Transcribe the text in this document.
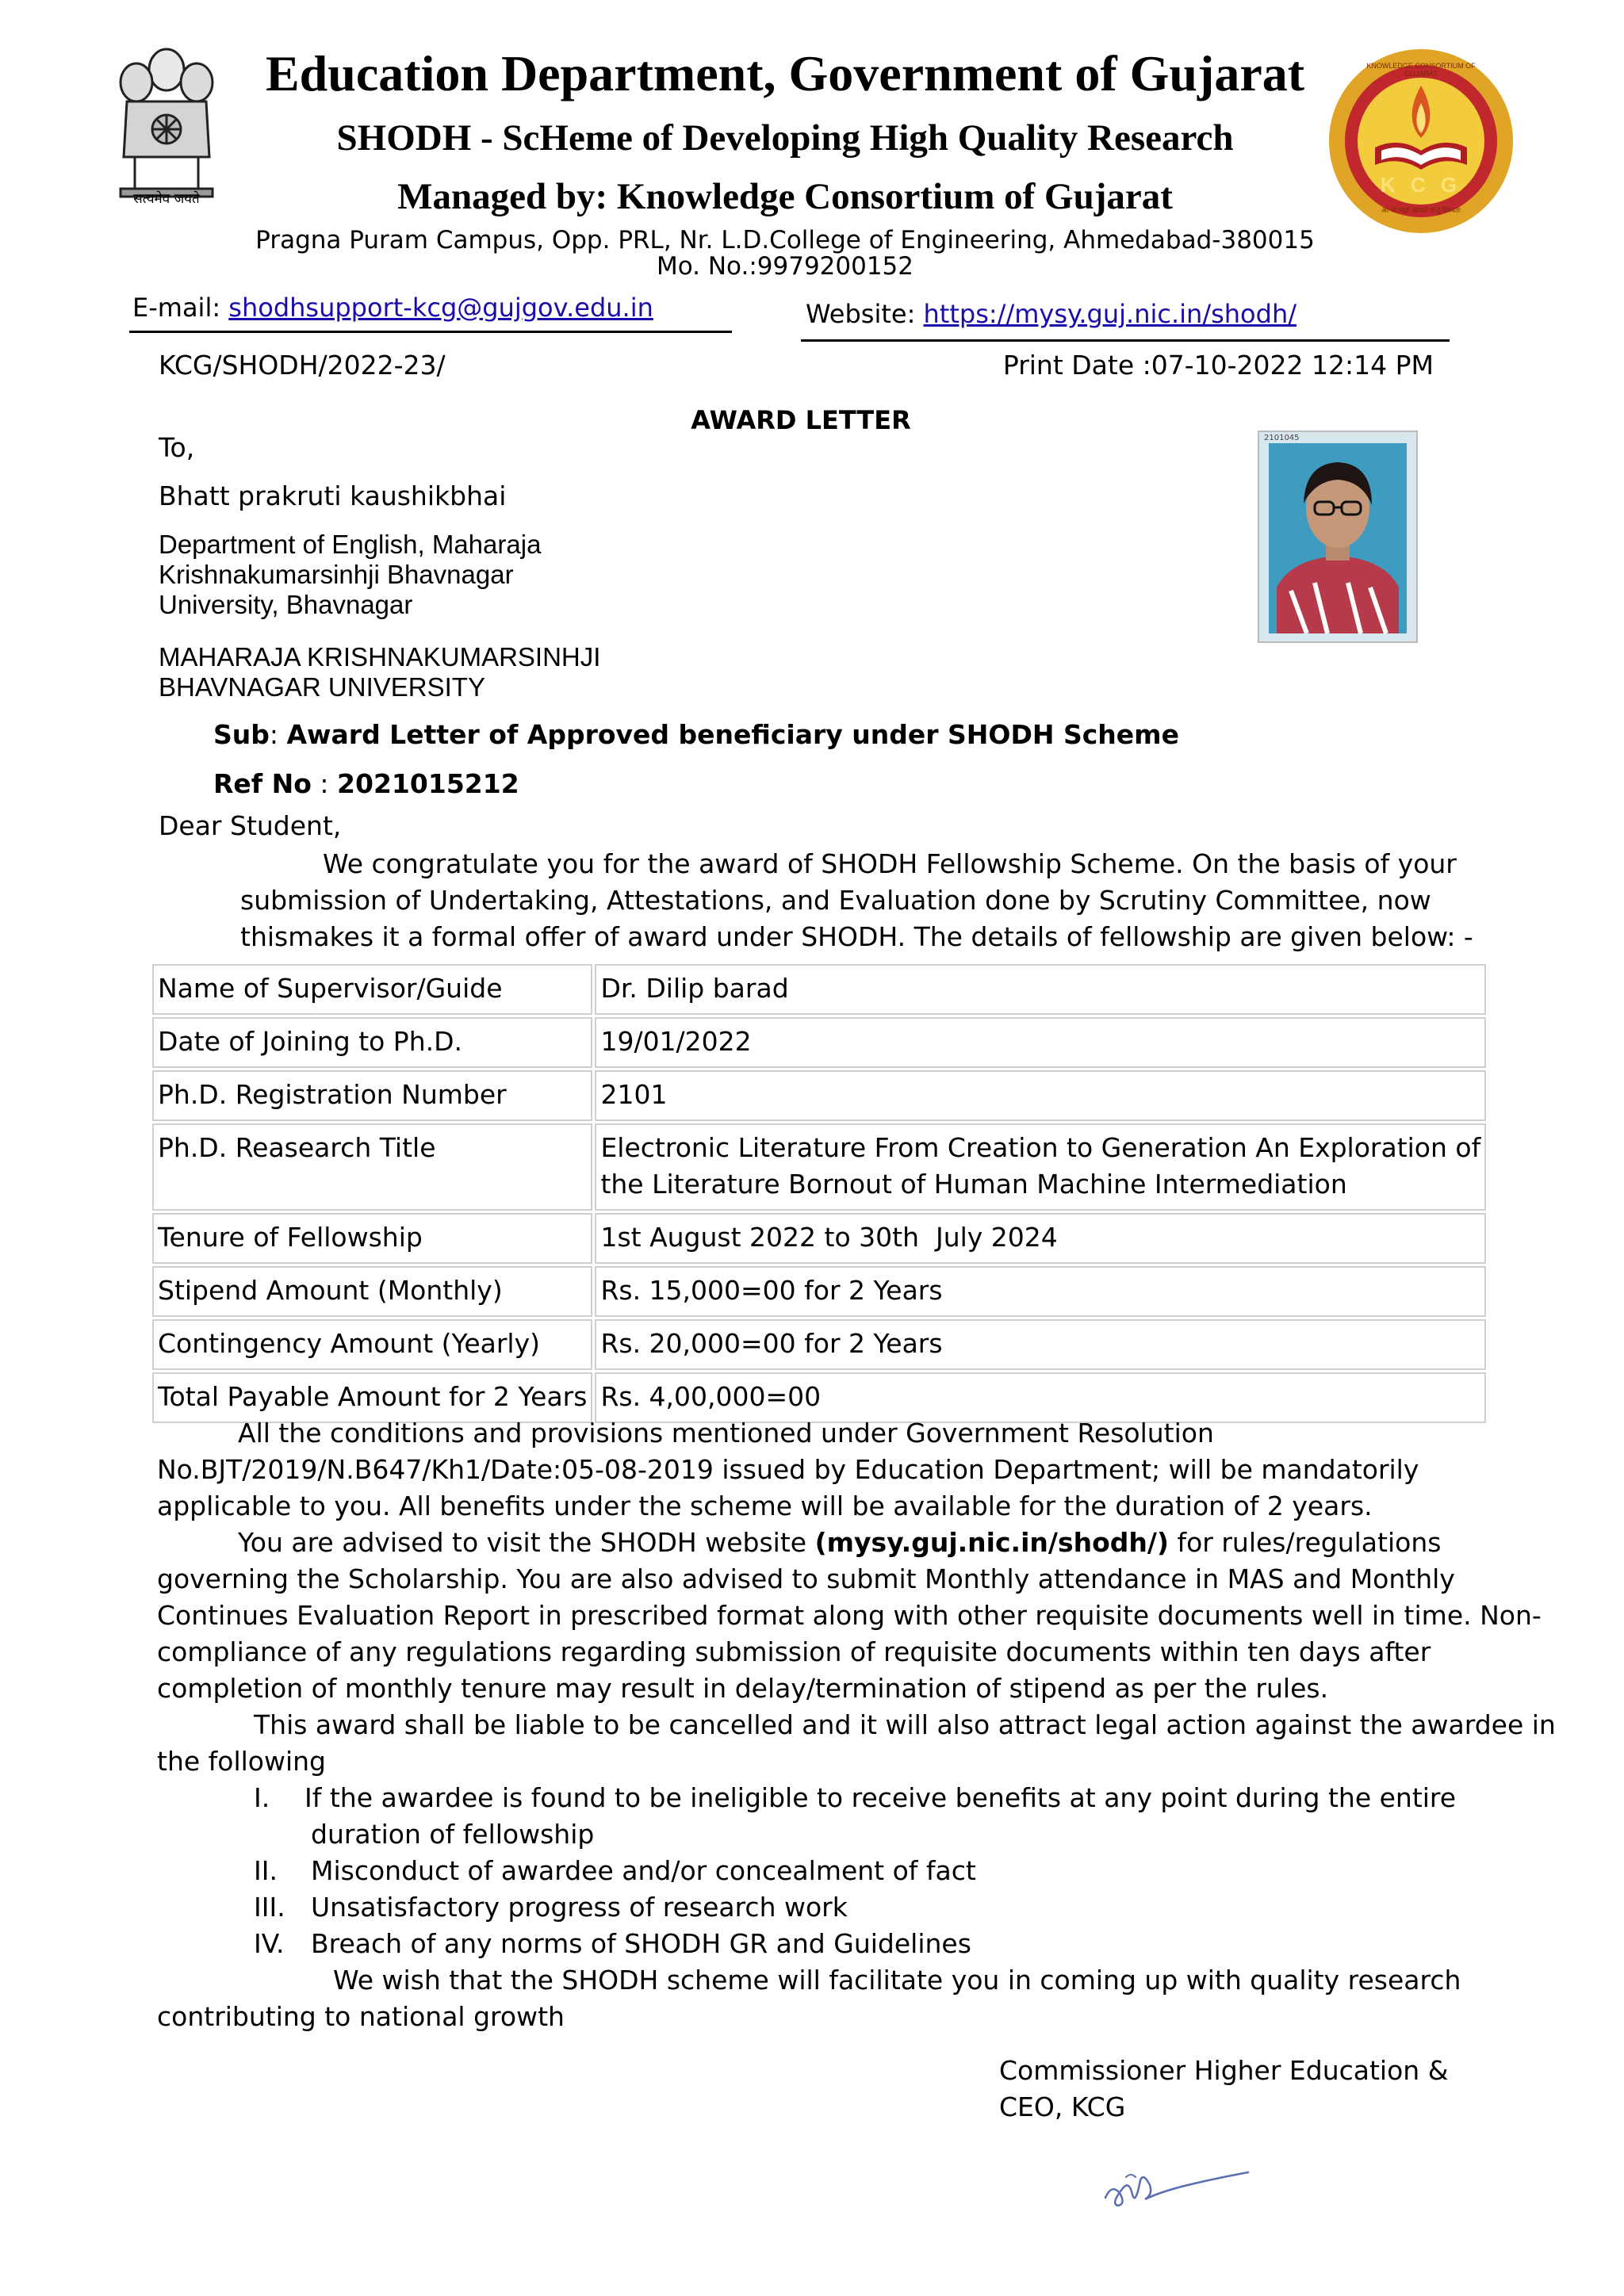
सत्यमेव जयते
Education Department, Government of Gujarat
SHODH - ScHeme of Developing High Quality Research
Managed by: Knowledge Consortium of Gujarat
Pragna Puram Campus, Opp. PRL, Nr. L.D.College of Engineering, Ahmedabad-380015
Mo. No.:9979200152
K C G
KNOWLEDGE CONSORTIUM OF GUJARAT
आ नो भद्राः क्रतवो यन्तु विश्वतः
E-mail: shodhsupport-kcg@gujgov.edu.in	Website: https://mysy.guj.nic.in/shodh/
KCG/SHODH/2022-23/	Print Date :07-10-2022 12:14 PM
AWARD LETTER
To,
Bhatt prakruti kaushikbhai
Department of English, Maharaja
Krishnakumarsinhji Bhavnagar
University, Bhavnagar
MAHARAJA KRISHNAKUMARSINHJI
BHAVNAGAR UNIVERSITY
2101045
Sub: Award Letter of Approved beneficiary under SHODH Scheme
Ref No : 2021015212
Dear Student,
We congratulate you for the award of SHODH Fellowship Scheme. On the basis of your
submission of Undertaking, Attestations, and Evaluation done by Scrutiny Committee, now
thismakes it a formal offer of award under SHODH. The details of fellowship are given below: -
Name of Supervisor/Guide	Dr. Dilip barad
Date of Joining to Ph.D.	19/01/2022
Ph.D. Registration Number	2101
Ph.D. Reasearch Title	Electronic Literature From Creation to Generation An Exploration of
the Literature Bornout of Human Machine Intermediation

Tenure of Fellowship	1st August 2022 to 30th  July 2024
Stipend Amount (Monthly)	Rs. 15,000=00 for 2 Years
Contingency Amount (Yearly)	Rs. 20,000=00 for 2 Years
Total Payable Amount for 2 Years	Rs. 4,00,000=00
All the conditions and provisions mentioned under Government Resolution
No.BJT/2019/N.B647/Kh1/Date:05-08-2019 issued by Education Department; will be mandatorily
applicable to you. All benefits under the scheme will be available for the duration of 2 years.
You are advised to visit the SHODH website (mysy.guj.nic.in/shodh/) for rules/regulations
governing the Scholarship. You are also advised to submit Monthly attendance in MAS and Monthly
Continues Evaluation Report in prescribed format along with other requisite documents well in time. Non-
compliance of any regulations regarding submission of requisite documents within ten days after
completion of monthly tenure may result in delay/termination of stipend as per the rules.
This award shall be liable to be cancelled and it will also attract legal action against the awardee in
the following
I. If the awardee is found to be ineligible to receive benefits at any point during the entire
duration of fellowship
II. Misconduct of awardee and/or concealment of fact
III. Unsatisfactory progress of research work
IV. Breach of any norms of SHODH GR and Guidelines
We wish that the SHODH scheme will facilitate you in coming up with quality research
contributing to national growth
Commissioner Higher Education &
CEO, KCG
